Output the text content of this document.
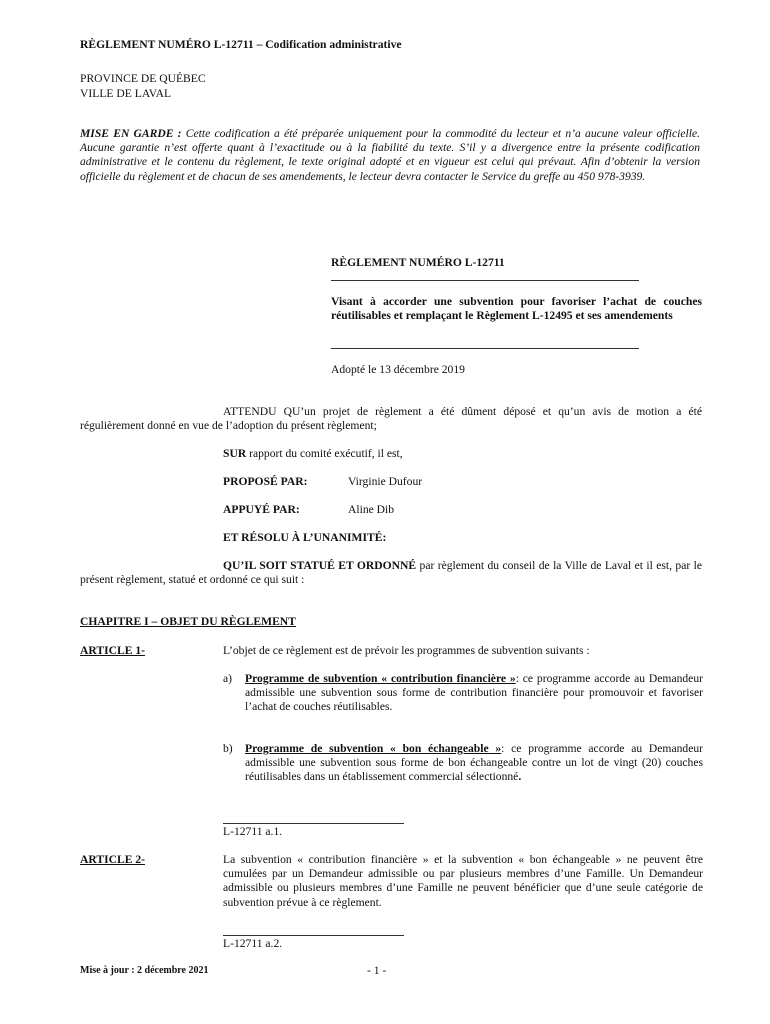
RÈGLEMENT NUMÉRO L-12711 – Codification administrative
PROVINCE DE QUÉBEC
VILLE DE LAVAL
MISE EN GARDE : Cette codification a été préparée uniquement pour la commodité du lecteur et n’a aucune valeur officielle. Aucune garantie n’est offerte quant à l’exactitude ou à la fiabilité du texte. S’il y a divergence entre la présente codification administrative et le contenu du règlement, le texte original adopté et en vigueur est celui qui prévaut. Afin d’obtenir la version officielle du règlement et de chacun de ses amendements, le lecteur devra contacter le Service du greffe au 450 978-3939.
RÈGLEMENT NUMÉRO L-12711
Visant à accorder une subvention pour favoriser l’achat de couches réutilisables et remplaçant le Règlement L-12495 et ses amendements
Adopté le 13 décembre 2019
ATTENDU QU’un projet de règlement a été dûment déposé et qu’un avis de motion a été régulièrement donné en vue de l’adoption du présent règlement;
SUR rapport du comité exécutif, il est,
PROPOSÉ PAR:	Virginie Dufour
APPUYÉ PAR:	Aline Dib
ET RÉSOLU À L’UNANIMITÉ:
QU’IL SOIT STATUÉ ET ORDONNÉ par règlement du conseil de la Ville de Laval et il est, par le présent règlement, statué et ordonné ce qui suit :
CHAPITRE I – OBJET DU RÈGLEMENT
ARTICLE 1-	L’objet de ce règlement est de prévoir les programmes de subvention suivants :
a) Programme de subvention « contribution financière »: ce programme accorde au Demandeur admissible une subvention sous forme de contribution financière pour promouvoir et favoriser l’achat de couches réutilisables.
b) Programme de subvention « bon échangeable »: ce programme accorde au Demandeur admissible une subvention sous forme de bon échangeable contre un lot de vingt (20) couches réutilisables dans un établissement commercial sélectionné.
L-12711 a.1.
ARTICLE 2-	La subvention « contribution financière » et la subvention « bon échangeable » ne peuvent être cumulées par un Demandeur admissible ou par plusieurs membres d’une Famille. Un Demandeur admissible ou plusieurs membres d’une Famille ne peuvent bénéficier que d’une seule catégorie de subvention prévue à ce règlement.
L-12711 a.2.
Mise à jour : 2 décembre 2021	- 1 -
